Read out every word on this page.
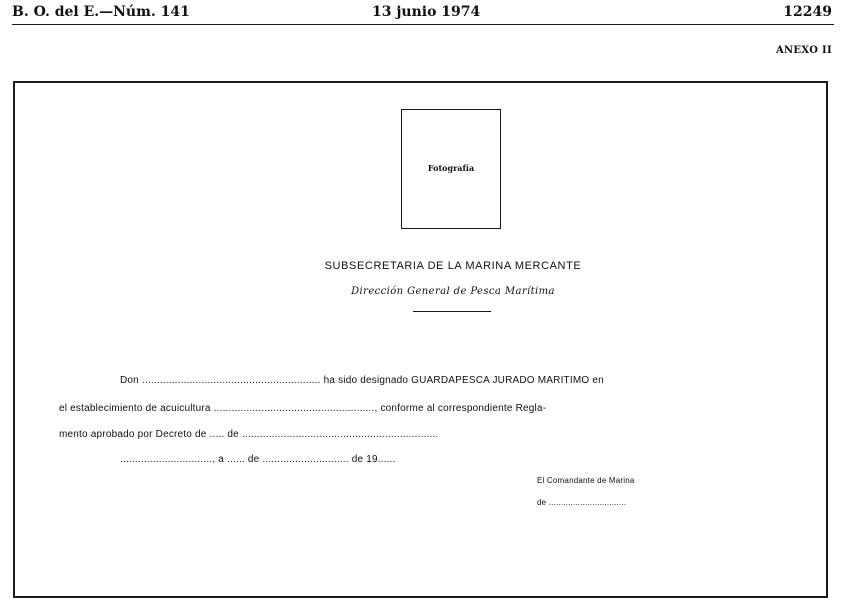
B. O. del E.—Núm. 141	13 junio 1974	12249
ANEXO II
Fotografía
SUBSECRETARIA DE LA MARINA MERCANTE
Dirección General de Pesca Marítima
Don ............................................................ ha sido designado GUARDAPESCA JURADO MARITIMO en
el establecimiento de acuicultura ......................................................, conforme al correspondiente Regla-
mento aprobado por Decreto de ..... de ..................................................................
..............................., a ...... de ............................. de 19......
El Comandante de Marina
de ................................
